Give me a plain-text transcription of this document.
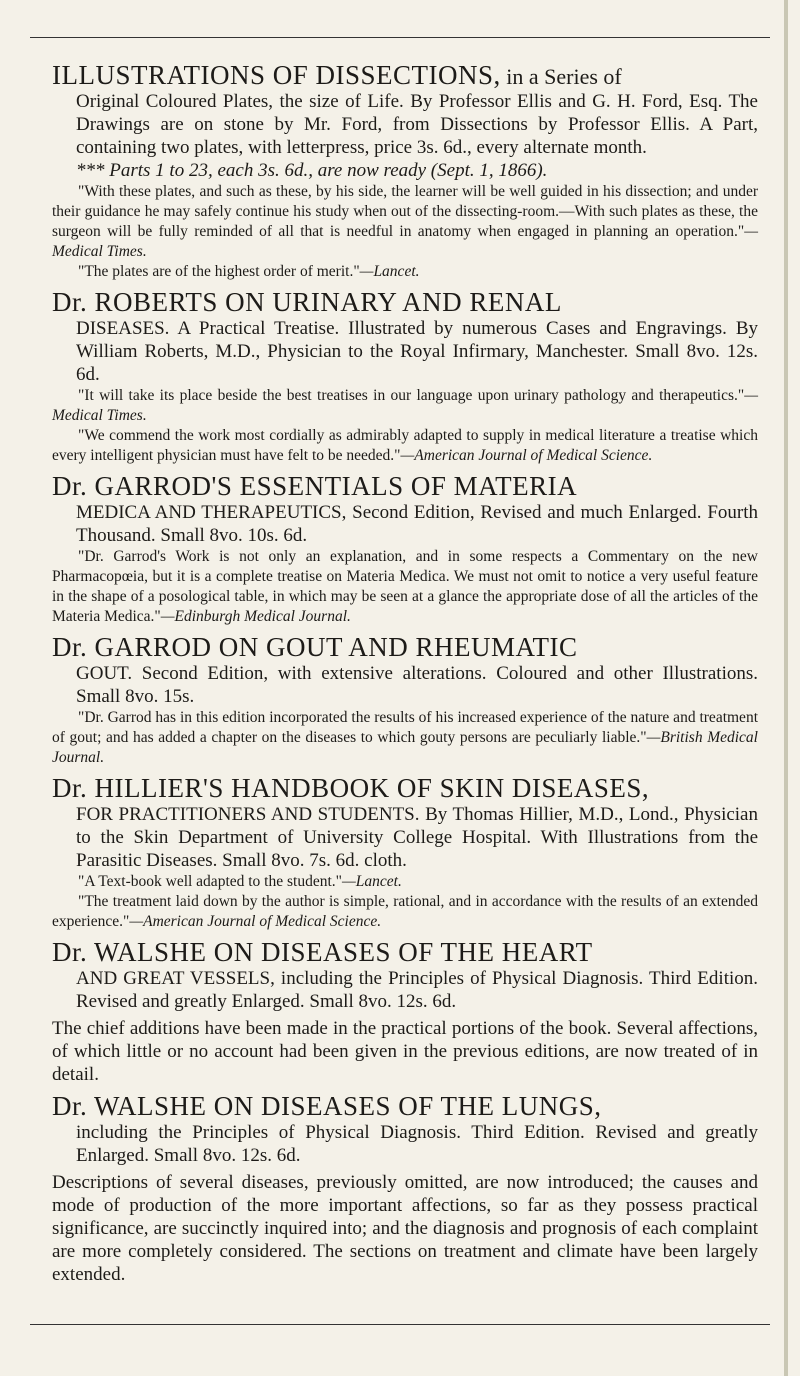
ILLUSTRATIONS OF DISSECTIONS, in a Series of

Original Coloured Plates, the size of Life. By Professor Ellis and G. H. Ford, Esq. The Drawings are on stone by Mr. Ford, from Dissections by Professor Ellis. A Part, containing two plates, with letterpress, price 3s. 6d., every alternate month.

*** Parts 1 to 23, each 3s. 6d., are now ready (Sept. 1, 1866).

"With these plates, and such as these, by his side, the learner will be well guided in his dissection; and under their guidance he may safely continue his study when out of the dissecting-room.—With such plates as these, the surgeon will be fully reminded of all that is needful in anatomy when engaged in planning an operation."—Medical Times.

"The plates are of the highest order of merit."—Lancet.

Dr. ROBERTS ON URINARY AND RENAL

DISEASES. A Practical Treatise. Illustrated by numerous Cases and Engravings. By William Roberts, M.D., Physician to the Royal Infirmary, Manchester. Small 8vo. 12s. 6d.

"It will take its place beside the best treatises in our language upon urinary pathology and therapeutics."—Medical Times.

"We commend the work most cordially as admirably adapted to supply in medical literature a treatise which every intelligent physician must have felt to be needed."—American Journal of Medical Science.

Dr. GARROD'S ESSENTIALS OF MATERIA

MEDICA AND THERAPEUTICS, Second Edition, Revised and much Enlarged. Fourth Thousand. Small 8vo. 10s. 6d.

"Dr. Garrod's Work is not only an explanation, and in some respects a Commentary on the new Pharmacopœia, but it is a complete treatise on Materia Medica. We must not omit to notice a very useful feature in the shape of a posological table, in which may be seen at a glance the appropriate dose of all the articles of the Materia Medica."—Edinburgh Medical Journal.

Dr. GARROD ON GOUT AND RHEUMATIC

GOUT. Second Edition, with extensive alterations. Coloured and other Illustrations. Small 8vo. 15s.

"Dr. Garrod has in this edition incorporated the results of his increased experience of the nature and treatment of gout; and has added a chapter on the diseases to which gouty persons are peculiarly liable."—British Medical Journal.

Dr. HILLIER'S HANDBOOK OF SKIN DISEASES,

FOR PRACTITIONERS AND STUDENTS. By Thomas Hillier, M.D., Lond., Physician to the Skin Department of University College Hospital. With Illustrations from the Parasitic Diseases. Small 8vo. 7s. 6d. cloth.

"A Text-book well adapted to the student."—Lancet.

"The treatment laid down by the author is simple, rational, and in accordance with the results of an extended experience."—American Journal of Medical Science.

Dr. WALSHE ON DISEASES OF THE HEART

AND GREAT VESSELS, including the Principles of Physical Diagnosis. Third Edition. Revised and greatly Enlarged. Small 8vo. 12s. 6d.

The chief additions have been made in the practical portions of the book. Several affections, of which little or no account had been given in the previous editions, are now treated of in detail.

Dr. WALSHE ON DISEASES OF THE LUNGS,

including the Principles of Physical Diagnosis. Third Edition. Revised and greatly Enlarged. Small 8vo. 12s. 6d.

Descriptions of several diseases, previously omitted, are now introduced; the causes and mode of production of the more important affections, so far as they possess practical significance, are succinctly inquired into; and the diagnosis and prognosis of each complaint are more completely considered. The sections on treatment and climate have been largely extended.
